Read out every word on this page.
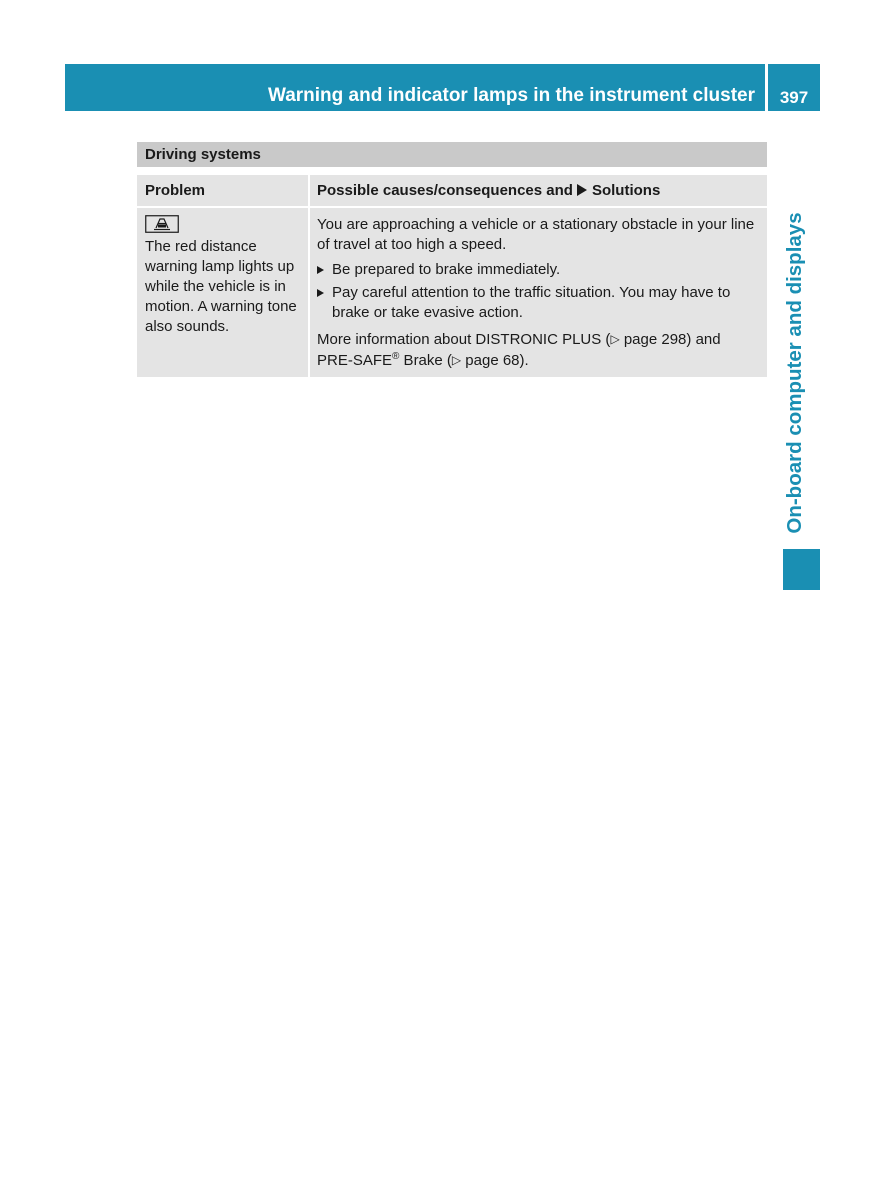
Warning and indicator lamps in the instrument cluster	397
On-board computer and displays
Driving systems
Problem	Possible causes/consequences and Solutions

The red distance warning lamp lights up while the vehicle is in motion. A warning tone also sounds.

You are approaching a vehicle or a stationary obstacle in your line of travel at too high a speed.

Be prepared to brake immediately.
Pay careful attention to the traffic situation. You may have to brake or take evasive action.

More information about DISTRONIC PLUS (▷ page 298) and
PRE-SAFE® Brake (▷ page 68).
